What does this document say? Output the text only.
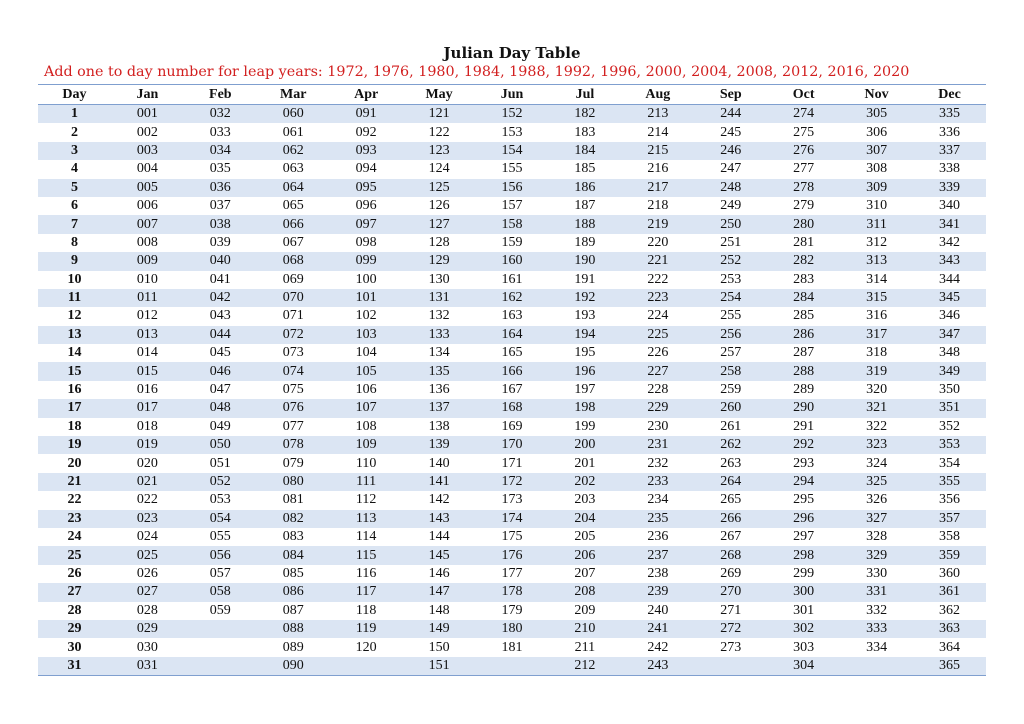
Julian Day Table
Add one to day number for leap years: 1972, 1976, 1980, 1984, 1988, 1992, 1996, 2000, 2004, 2008, 2012, 2016, 2020
Day	Jan	Feb	Mar	Apr	May	Jun	Jul	Aug	Sep	Oct	Nov	Dec
1	001	032	060	091	121	152	182	213	244	274	305	335
2	002	033	061	092	122	153	183	214	245	275	306	336
3	003	034	062	093	123	154	184	215	246	276	307	337
4	004	035	063	094	124	155	185	216	247	277	308	338
5	005	036	064	095	125	156	186	217	248	278	309	339
6	006	037	065	096	126	157	187	218	249	279	310	340
7	007	038	066	097	127	158	188	219	250	280	311	341
8	008	039	067	098	128	159	189	220	251	281	312	342
9	009	040	068	099	129	160	190	221	252	282	313	343
10	010	041	069	100	130	161	191	222	253	283	314	344
11	011	042	070	101	131	162	192	223	254	284	315	345
12	012	043	071	102	132	163	193	224	255	285	316	346
13	013	044	072	103	133	164	194	225	256	286	317	347
14	014	045	073	104	134	165	195	226	257	287	318	348
15	015	046	074	105	135	166	196	227	258	288	319	349
16	016	047	075	106	136	167	197	228	259	289	320	350
17	017	048	076	107	137	168	198	229	260	290	321	351
18	018	049	077	108	138	169	199	230	261	291	322	352
19	019	050	078	109	139	170	200	231	262	292	323	353
20	020	051	079	110	140	171	201	232	263	293	324	354
21	021	052	080	111	141	172	202	233	264	294	325	355
22	022	053	081	112	142	173	203	234	265	295	326	356
23	023	054	082	113	143	174	204	235	266	296	327	357
24	024	055	083	114	144	175	205	236	267	297	328	358
25	025	056	084	115	145	176	206	237	268	298	329	359
26	026	057	085	116	146	177	207	238	269	299	330	360
27	027	058	086	117	147	178	208	239	270	300	331	361
28	028	059	087	118	148	179	209	240	271	301	332	362
29	029		088	119	149	180	210	241	272	302	333	363
30	030		089	120	150	181	211	242	273	303	334	364
31	031		090		151		212	243		304		365
